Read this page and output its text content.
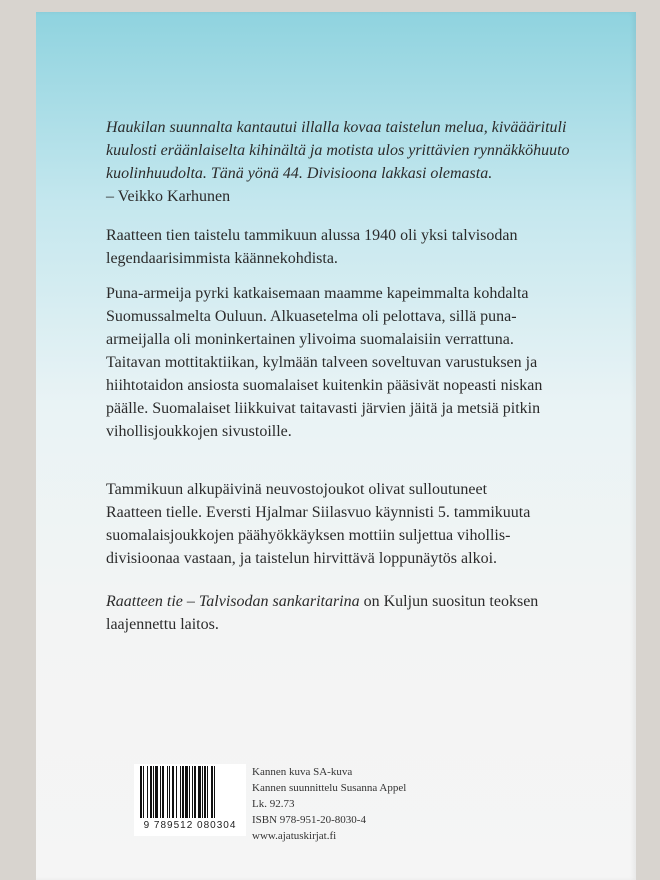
Haukilan suunnalta kantautui illalla kovaa taistelun melua, kivääärituli
kuulosti eräänlaiselta kihinältä ja motista ulos yrittävien rynnäkköhuuto
kuolinhuudolta. Tänä yönä 44. Divisioona lakkasi olemasta.
– Veikko Karhunen
Raatteen tien taistelu tammikuun alussa 1940 oli yksi talvisodan
legendaarisimmista käännekohdista.
Puna-armeija pyrki katkaisemaan maamme kapeimmalta kohdalta
Suomussalmelta Ouluun. Alkuasetelma oli pelottava, sillä puna-
armeijalla oli moninkertainen ylivoima suomalaisiin verrattuna.
Taitavan mottitaktiikan, kylmään talveen soveltuvan varustuksen ja
hiihtotaidon ansiosta suomalaiset kuitenkin pääsivät nopeasti niskan
päälle. Suomalaiset liikkuivat taitavasti järvien jäitä ja metsiä pitkin
vihollisjoukkojen sivustoille.
Tammikuun alkupäivinä neuvostojoukot olivat sulloutuneet
Raatteen tielle. Eversti Hjalmar Siilasvuo käynnisti 5. tammikuuta
suomalaisjoukkojen päähyökkäyksen mottiin suljettua vihollis-
divisioonaa vastaan, ja taistelun hirvittävä loppunäytös alkoi.
Raatteen tie – Talvisodan sankaritarina on Kuljun suositun teoksen
laajennettu laitos.
9 789512 080304
Kannen kuva SA-kuva
Kannen suunnittelu Susanna Appel
Lk. 92.73
ISBN 978-951-20-8030-4
www.ajatuskirjat.fi
